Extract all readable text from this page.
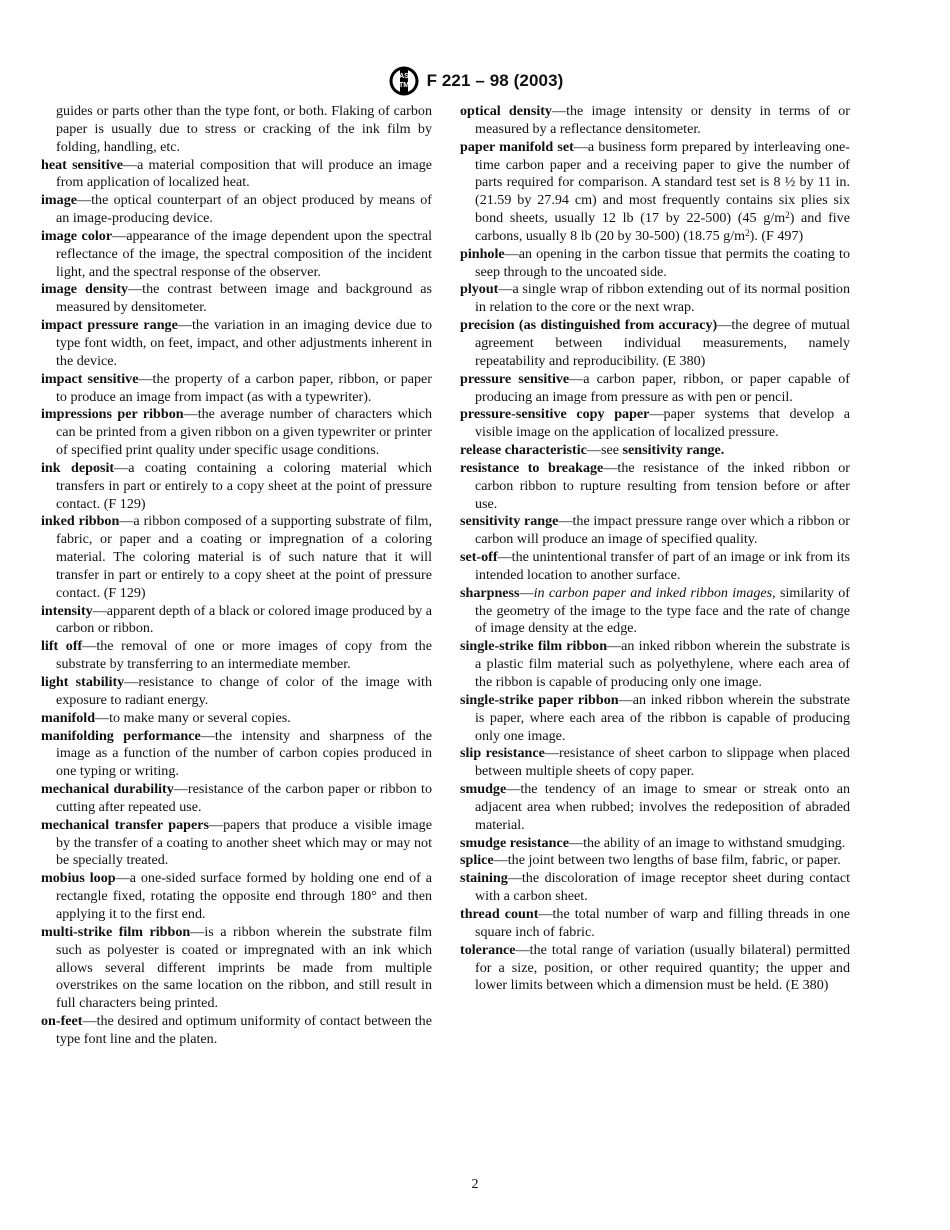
AS
TM F 221 – 98 (2003)

guides or parts other than the type font, or both. Flaking of carbon paper is usually due to stress or cracking of the ink film by folding, handling, etc.

heat sensitive—a material composition that will produce an image from application of localized heat.

image—the optical counterpart of an object produced by means of an image-producing device.

image color—appearance of the image dependent upon the spectral reflectance of the image, the spectral composition of the incident light, and the spectral response of the observer.

image density—the contrast between image and background as measured by densitometer.

impact pressure range—the variation in an imaging device due to type font width, on feet, impact, and other adjustments inherent in the device.

impact sensitive—the property of a carbon paper, ribbon, or paper to produce an image from impact (as with a typewriter).

impressions per ribbon—the average number of characters which can be printed from a given ribbon on a given typewriter or printer of specified print quality under specific usage conditions.

ink deposit—a coating containing a coloring material which transfers in part or entirely to a copy sheet at the point of pressure contact. (F 129)

inked ribbon—a ribbon composed of a supporting substrate of film, fabric, or paper and a coating or impregnation of a coloring material. The coloring material is of such nature that it will transfer in part or entirely to a copy sheet at the point of pressure contact. (F 129)

intensity—apparent depth of a black or colored image produced by a carbon or ribbon.

lift off—the removal of one or more images of copy from the substrate by transferring to an intermediate member.

light stability—resistance to change of color of the image with exposure to radiant energy.

manifold—to make many or several copies.

manifolding performance—the intensity and sharpness of the image as a function of the number of carbon copies produced in one typing or writing.

mechanical durability—resistance of the carbon paper or ribbon to cutting after repeated use.

mechanical transfer papers—papers that produce a visible image by the transfer of a coating to another sheet which may or may not be specially treated.

mobius loop—a one-sided surface formed by holding one end of a rectangle fixed, rotating the opposite end through 180° and then applying it to the first end.

multi-strike film ribbon—is a ribbon wherein the substrate film such as polyester is coated or impregnated with an ink which allows several different imprints be made from multiple overstrikes on the same location on the ribbon, and still result in full characters being printed.

on-feet—the desired and optimum uniformity of contact between the type font line and the platen.

optical density—the image intensity or density in terms of or measured by a reflectance densitometer.

paper manifold set—a business form prepared by interleaving one-time carbon paper and a receiving paper to give the number of parts required for comparison. A standard test set is 8 ½ by 11 in. (21.59 by 27.94 cm) and most frequently contains six plies six bond sheets, usually 12 lb (17 by 22-500) (45 $g/m^2$) and five carbons, usually 8 lb (20 by 30-500) (18.75 $g/m^2$). (F 497)

pinhole—an opening in the carbon tissue that permits the coating to seep through to the uncoated side.

plyout—a single wrap of ribbon extending out of its normal position in relation to the core or the next wrap.

precision (as distinguished from accuracy)—the degree of mutual agreement between individual measurements, namely repeatability and reproducibility. (E 380)

pressure sensitive—a carbon paper, ribbon, or paper capable of producing an image from pressure as with pen or pencil.

pressure-sensitive copy paper—paper systems that develop a visible image on the application of localized pressure.

release characteristic—see sensitivity range.

resistance to breakage—the resistance of the inked ribbon or carbon ribbon to rupture resulting from tension before or after use.

sensitivity range—the impact pressure range over which a ribbon or carbon will produce an image of specified quality.

set-off—the unintentional transfer of part of an image or ink from its intended location to another surface.

sharpness—in carbon paper and inked ribbon images, similarity of the geometry of the image to the type face and the rate of change of image density at the edge.

single-strike film ribbon—an inked ribbon wherein the substrate is a plastic film material such as polyethylene, where each area of the ribbon is capable of producing only one image.

single-strike paper ribbon—an inked ribbon wherein the substrate is paper, where each area of the ribbon is capable of producing only one image.

slip resistance—resistance of sheet carbon to slippage when placed between multiple sheets of copy paper.

smudge—the tendency of an image to smear or streak onto an adjacent area when rubbed; involves the redeposition of abraded material.

smudge resistance—the ability of an image to withstand smudging.

splice—the joint between two lengths of base film, fabric, or paper.

staining—the discoloration of image receptor sheet during contact with a carbon sheet.

thread count—the total number of warp and filling threads in one square inch of fabric.

tolerance—the total range of variation (usually bilateral) permitted for a size, position, or other required quantity; the upper and lower limits between which a dimension must be held. (E 380)

2
